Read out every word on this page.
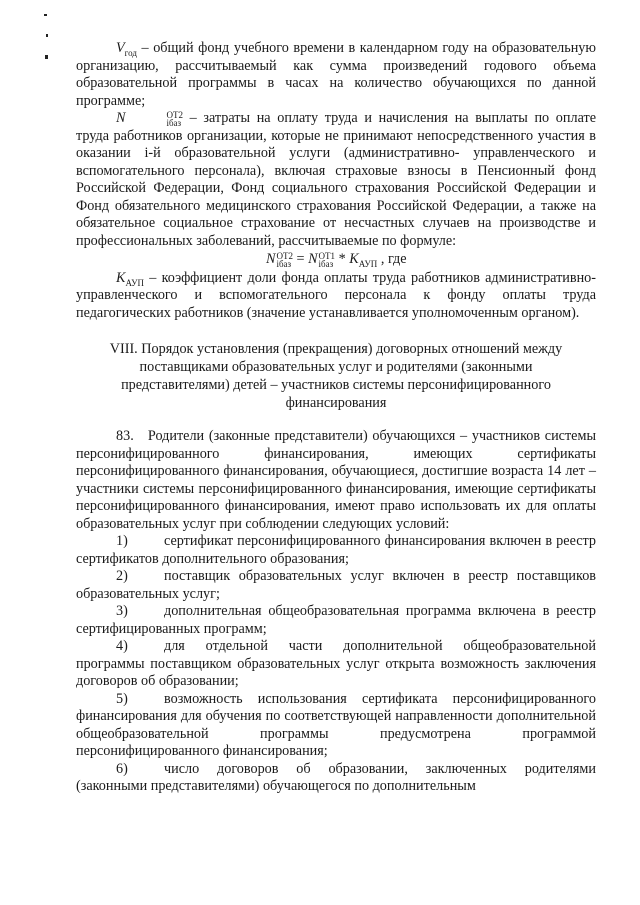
$V_{год}$ – общий фонд учебного времени в календарном году на образовательную организацию, рассчитываемый как сумма произведений годового объема образовательной программы в часах на количество обучающихся по данной программе;

N	ОТ2
iбаз – затраты на оплату труда и начисления на выплаты по оплате труда работников организации, которые не принимают непосредственного участия в оказании i-й образовательной услуги (административно- управленческого и вспомогательного персонала), включая страховые взносы в Пенсионный фонд Российской Федерации, Фонд социального страхования Российской Федерации и Фонд обязательного медицинского страхования Российской Федерации, а также на обязательное социальное страхование от несчастных случаев на производстве и профессиональных заболеваний, рассчитываемые по формуле:

N ОТ2
iбаз = N ОТ1
iбаз * $K_{АУП}$ , где

$K_{АУП}$ – коэффициент доли фонда оплаты труда работников административно-управленческого и вспомогательного персонала к фонду оплаты труда педагогических работников (значение устанавливается уполномоченным органом).

VIII. Порядок установления (прекращения) договорных отношений между поставщиками образовательных услуг и родителями (законными представителями) детей – участников системы персонифицированного финансирования

83. Родители (законные представители) обучающихся – участников системы персонифицированного финансирования, имеющих сертификаты персонифицированного финансирования, обучающиеся, достигшие возраста 14 лет – участники системы персонифицированного финансирования, имеющие сертификаты персонифицированного финансирования, имеют право использовать их для оплаты образовательных услуг при соблюдении следующих условий:

1)	сертификат персонифицированного финансирования включен в реестр сертификатов дополнительного образования;

2)	поставщик образовательных услуг включен в реестр поставщиков образовательных услуг;

3)	дополнительная общеобразовательная программа включена в реестр сертифицированных программ;

4)	для отдельной части дополнительной общеобразовательной программы поставщиком образовательных услуг открыта возможность заключения договоров об образовании;

5)	возможность использования сертификата персонифицированного финансирования для обучения по соответствующей направленности дополнительной общеобразовательной программы предусмотрена программой персонифицированного финансирования;

6)	число договоров об образовании, заключенных родителями (законными представителями) обучающегося по дополнительным
